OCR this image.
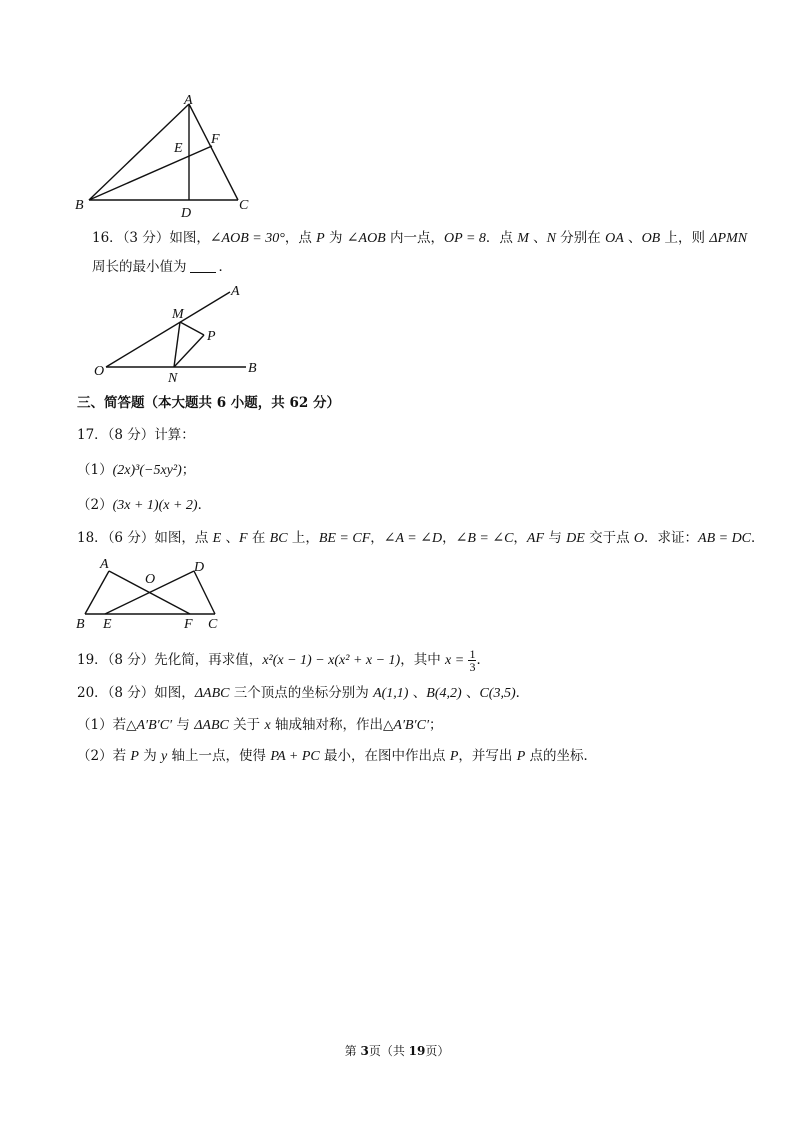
A
F
E
B
D
C
16．（3 分）如图，∠AOB = 30°，点 P 为 ∠AOB 内一点，OP = 8．点 M 、N 分别在 OA 、OB 上，则 ΔPMN
周长的最小值为 ．
A
M
P
O	N
B
三、简答题（本大题共 6 小题，共 62 分）
17．（8 分）计算：
（1）(2x)³(−5xy²)；
（2）(3x + 1)(x + 2)．
18．（6 分）如图，点 E 、F 在 BC 上，BE = CF，∠A = ∠D，∠B = ∠C，AF 与 DE 交于点 O．求证：AB = DC．
A
O
D
B E	F C
19．（8 分）先化简，再求值，x²(x − 1) − x(x² + x − 1)，其中 $x = \frac{1}{3}$ ．
20．（8 分）如图，ΔABC 三个顶点的坐标分别为 A(1,1) 、B(4,2) 、C(3,5)．
（1）若△A′B′C′ 与 ΔABC 关于 x 轴成轴对称，作出△A′B′C′；
（2）若 P 为 y 轴上一点，使得 PA + PC 最小，在图中作出点 P，并写出 P 点的坐标．
第 3页（共 19页）
